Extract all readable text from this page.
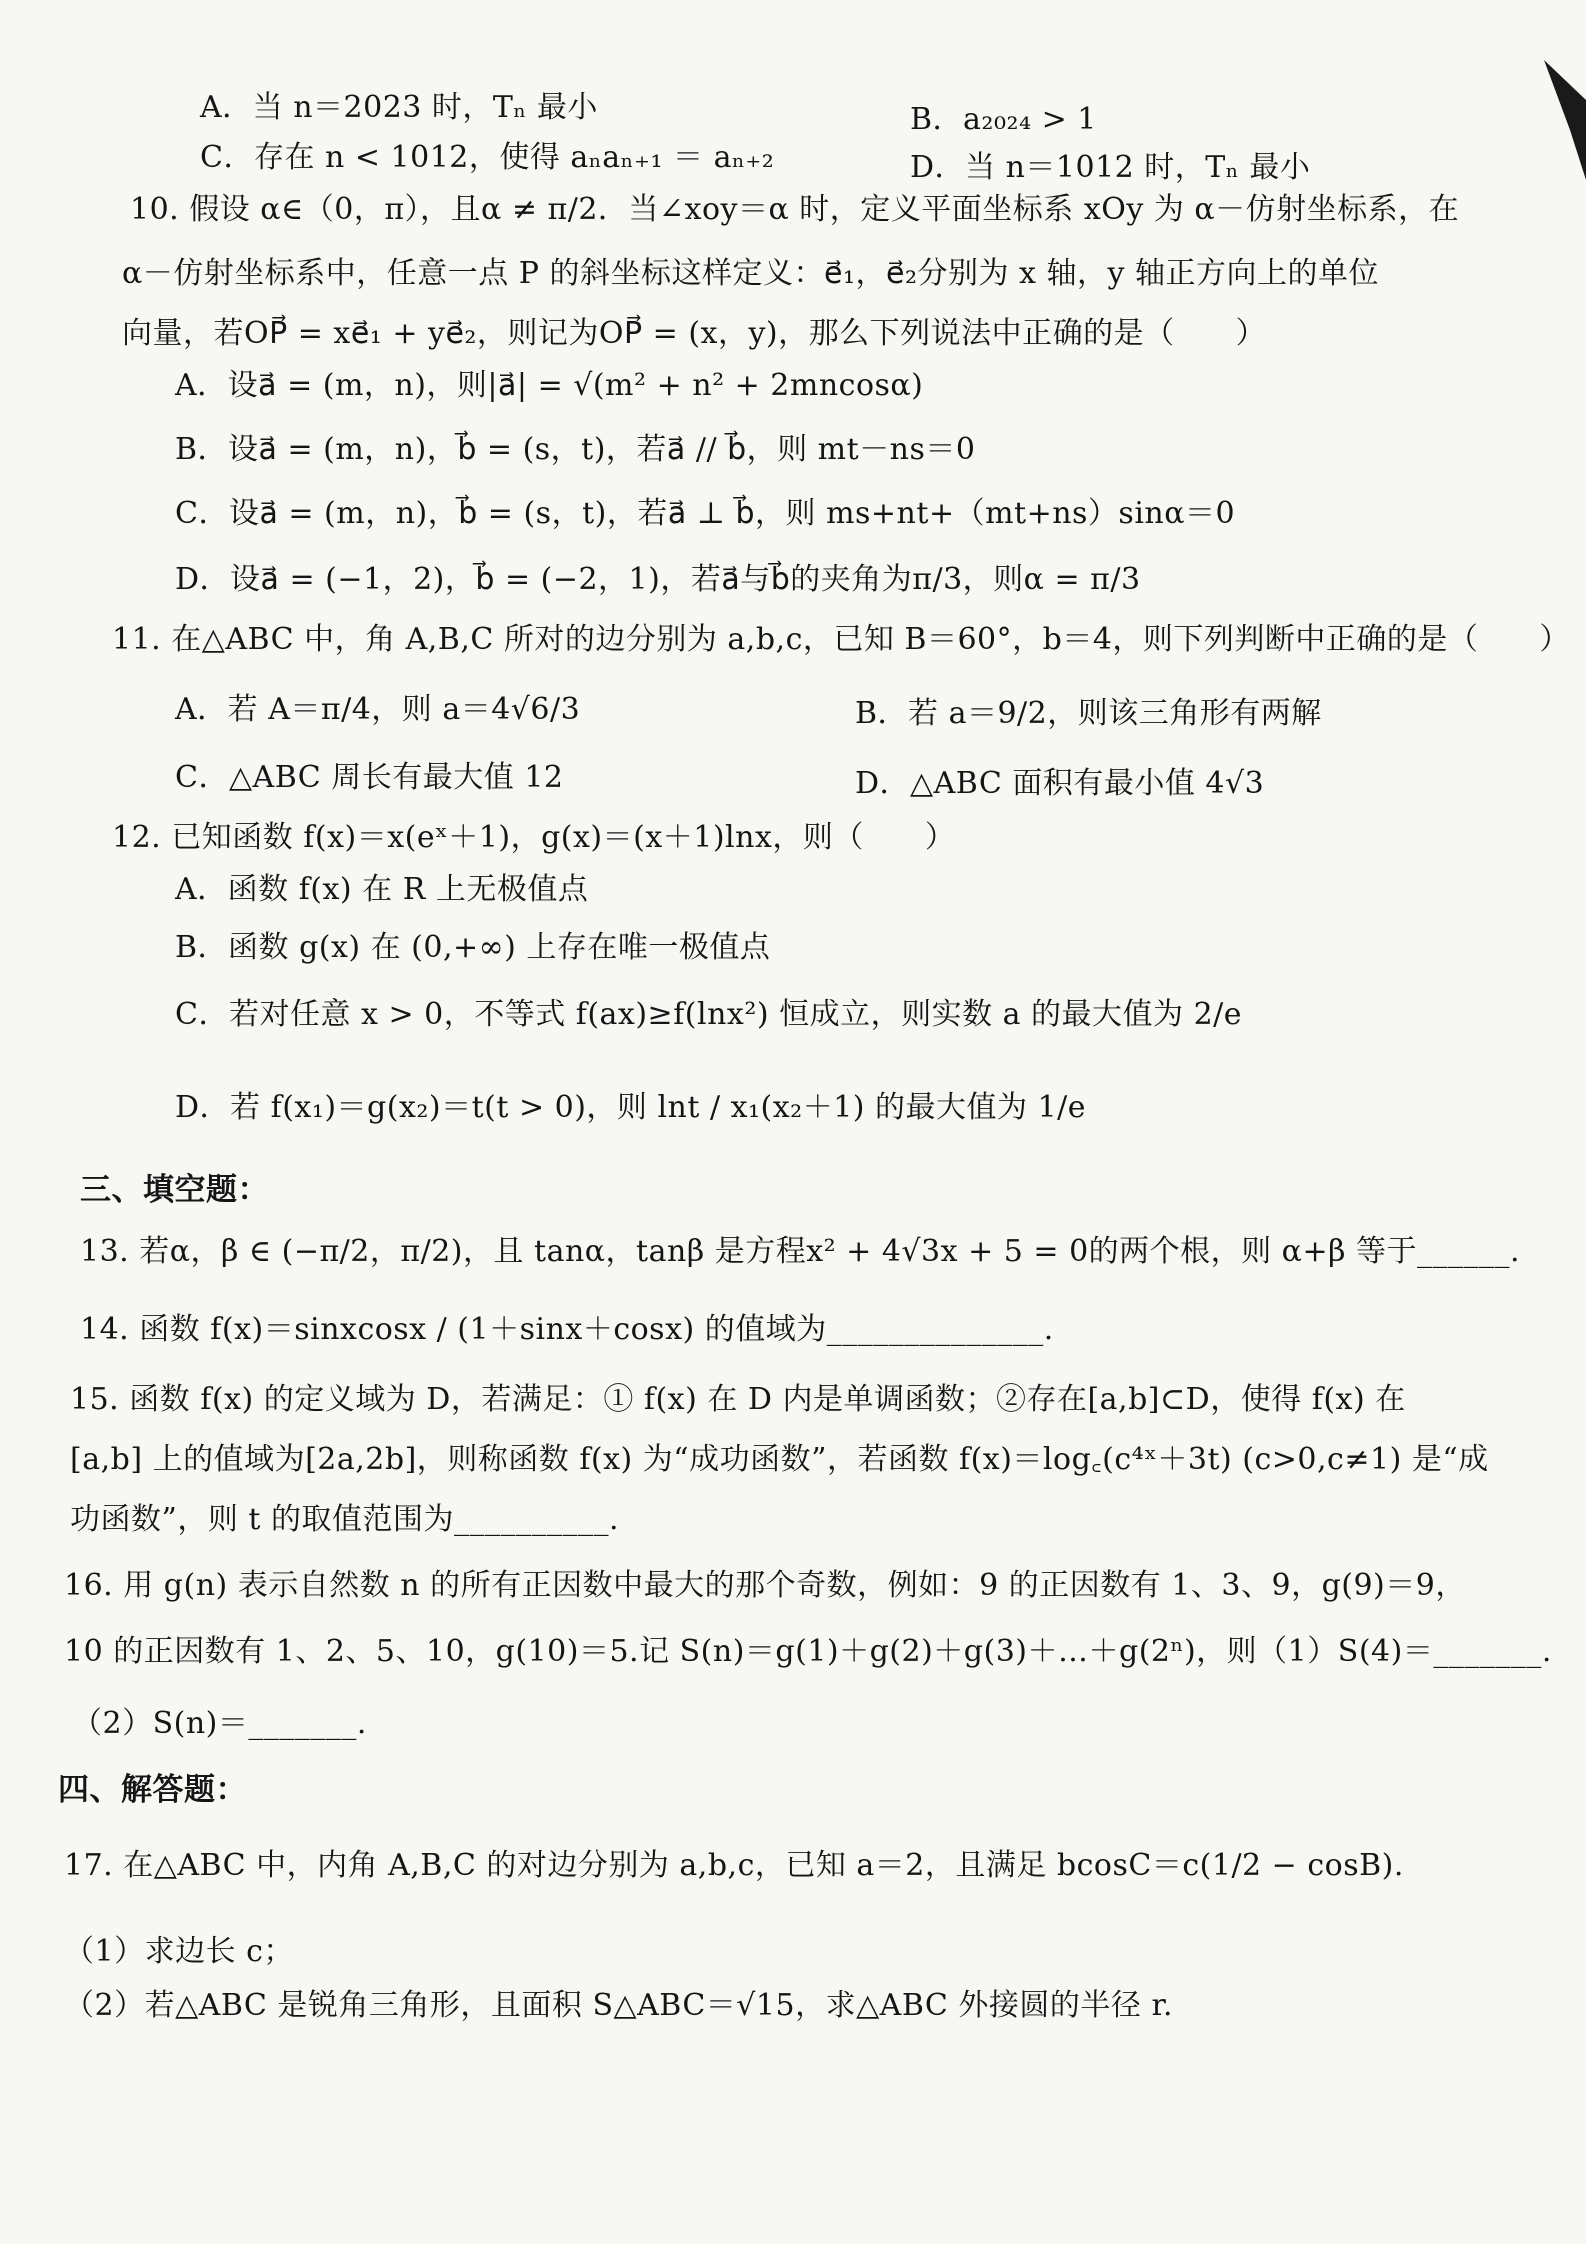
A．当 n＝2023 时，Tₙ 最小	B．a₂₀₂₄ > 1
C．存在 n < 1012，使得 aₙaₙ₊₁ ＝ aₙ₊₂	D．当 n＝1012 时，Tₙ 最小
10. 假设 α∈（0，π），且α ≠ π/2．当∠xoy＝α 时，定义平面坐标系 xOy 为 α－仿射坐标系，在
α－仿射坐标系中，任意一点 P 的斜坐标这样定义：e⃗₁，e⃗₂分别为 x 轴，y 轴正方向上的单位
向量，若OP⃗ = xe⃗₁ + ye⃗₂，则记为OP⃗ = (x，y)，那么下列说法中正确的是（　　）
A．设a⃗ = (m，n)，则|a⃗| = √(m² + n² + 2mncosα)
B．设a⃗ = (m，n)，b⃗ = (s，t)，若a⃗ // b⃗，则 mt－ns＝0
C．设a⃗ = (m，n)，b⃗ = (s，t)，若a⃗ ⊥ b⃗，则 ms+nt+（mt+ns）sinα＝0
D．设a⃗ = (−1，2)，b⃗ = (−2，1)，若a⃗与b⃗的夹角为π/3，则α = π/3
11. 在△ABC 中，角 A,B,C 所对的边分别为 a,b,c，已知 B＝60°，b＝4，则下列判断中正确的是（　　）
A．若 A＝π/4，则 a＝4√6/3	B．若 a＝9/2，则该三角形有两解
C．△ABC 周长有最大值 12	D．△ABC 面积有最小值 4√3
12. 已知函数 f(x)＝x(eˣ＋1)，g(x)＝(x＋1)lnx，则（　　）
A．函数 f(x) 在 R 上无极值点
B．函数 g(x) 在 (0,+∞) 上存在唯一极值点
C．若对任意 x > 0，不等式 f(ax)≥f(lnx²) 恒成立，则实数 a 的最大值为 2/e
D．若 f(x₁)＝g(x₂)＝t(t > 0)，则 lnt / x₁(x₂＋1) 的最大值为 1/e
三、填空题：
13. 若α，β ∈ (−π/2，π/2)，且 tanα，tanβ 是方程x² + 4√3x + 5 = 0的两个根，则 α+β 等于______.
14. 函数 f(x)＝sinxcosx / (1＋sinx＋cosx) 的值域为______________.
15. 函数 f(x) 的定义域为 D，若满足：① f(x) 在 D 内是单调函数；②存在[a,b]⊂D，使得 f(x) 在
[a,b] 上的值域为[2a,2b]，则称函数 f(x) 为“成功函数”，若函数 f(x)＝log꜀(c⁴ˣ＋3t) (c>0,c≠1) 是“成
功函数”，则 t 的取值范围为__________.
16. 用 g(n) 表示自然数 n 的所有正因数中最大的那个奇数，例如：9 的正因数有 1、3、9，g(9)＝9，
10 的正因数有 1、2、5、10，g(10)＝5.记 S(n)＝g(1)＋g(2)＋g(3)＋…＋g(2ⁿ)，则（1）S(4)＝_______.
（2）S(n)＝_______.
四、解答题：
17. 在△ABC 中，内角 A,B,C 的对边分别为 a,b,c，已知 a＝2，且满足 bcosC＝c(1/2 − cosB).
（1）求边长 c；
（2）若△ABC 是锐角三角形，且面积 S△ABC＝√15，求△ABC 外接圆的半径 r.
